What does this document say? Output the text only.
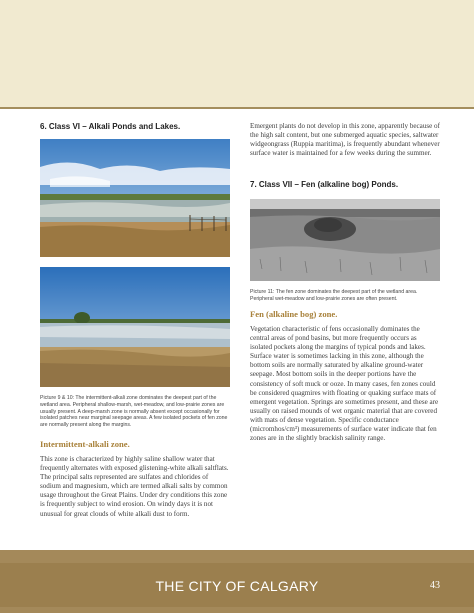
6. Class VI – Alkali Ponds and Lakes.

Picture 9 & 10: The intermittent-alkali zone dominates the deepest part of the wetland area. Peripheral shallow-marsh, wet-meadow, and low-prairie zones are usually present. A deep-marsh zone is normally absent except occasionally for isolated patches near marginal seepage areas. A few isolated pockets of fen zone are normally present along the margins.

Intermittent-alkali zone.

This zone is characterized by highly saline shallow water that frequently alternates with exposed glistening-white alkali saltflats. The principal salts represented are sulfates and chlorides of sodium and magnesium, which are termed alkali salts by common usage throughout the Great Plains. Under dry conditions this zone is frequently subject to wind erosion. On windy days it is not unusual for great clouds of white alkali dust to form.

Emergent plants do not develop in this zone, apparently because of the high salt content, but one submerged aquatic species, saltwater widgeongrass (Ruppia maritima), is frequently abundant whenever surface water is maintained for a few weeks during the summer.

7. Class VII – Fen (alkaline bog) Ponds.

Picture 11: The fen zone dominates the deepest part of the wetland area. Peripheral wet-meadow and low-prairie zones are often present.

Fen (alkaline bog) zone.

Vegetation characteristic of fens occasionally dominates the central areas of pond basins, but more frequently occurs as isolated pockets along the margins of typical ponds and lakes. Surface water is sometimes lacking in this zone, although the bottom soils are normally saturated by alkaline ground-water seepage. Most bottom soils in the deeper portions have the consistency of soft muck or ooze. In many cases, fen zones could be considered quagmires with floating or quaking surface mats of emergent vegetation. Springs are sometimes present, and these are usually on raised mounds of wet organic material that are covered with mats of dense vegetation. Specific conductance (micromhos/cm³) measurements of surface water indicate that fen zones are in the slightly brackish salinity range.

THE CITY OF CALGARY	43
